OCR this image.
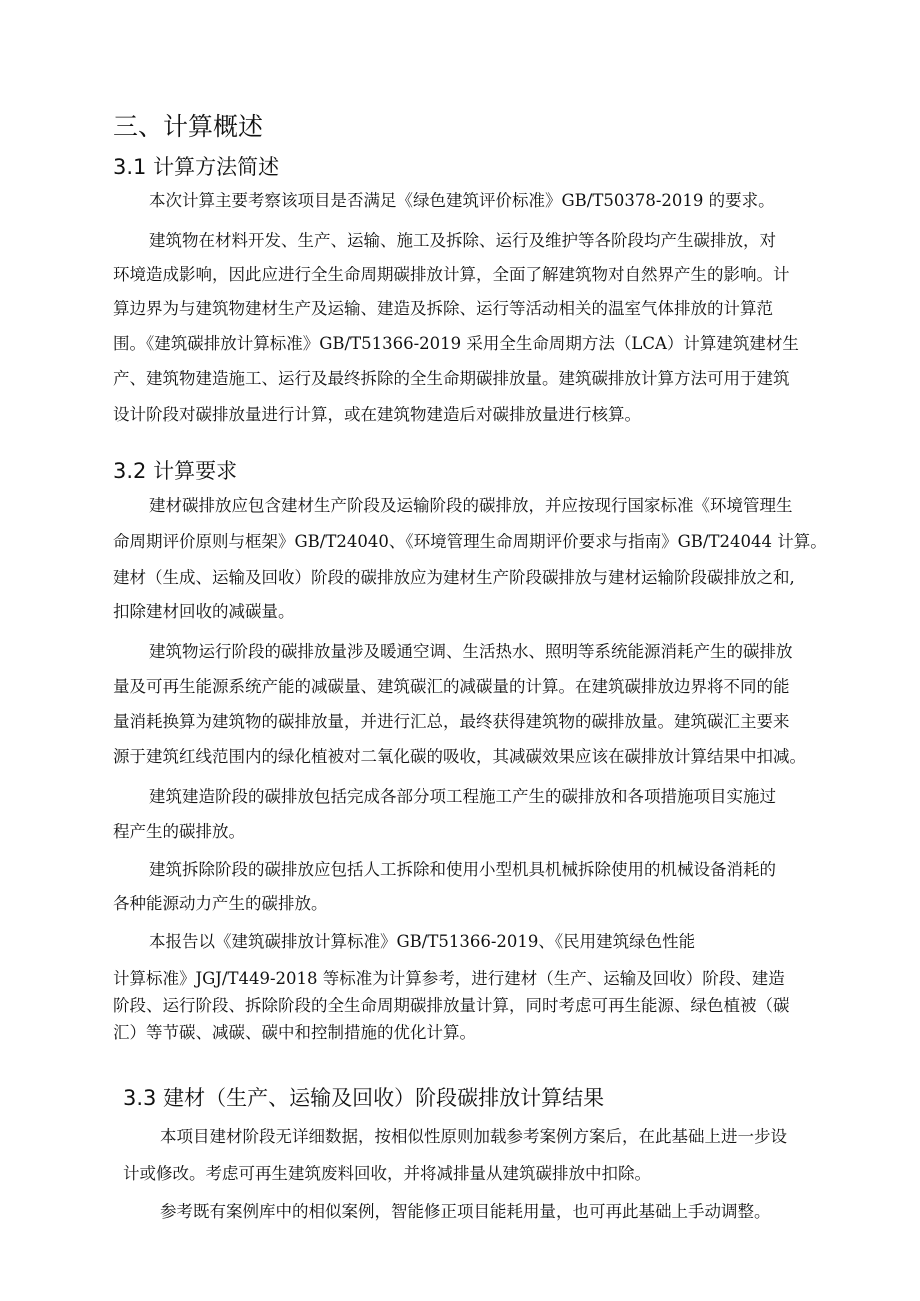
三、计算概述
3.1 计算方法简述
本次计算主要考察该项目是否满足《绿色建筑评价标准》GB/T50378-2019 的要求。
建筑物在材料开发、生产、运输、施工及拆除、运行及维护等各阶段均产生碳排放，对
环境造成影响，因此应进行全生命周期碳排放计算，全面了解建筑物对自然界产生的影响。计
算边界为与建筑物建材生产及运输、建造及拆除、运行等活动相关的温室气体排放的计算范
围。《建筑碳排放计算标准》GB/T51366-2019 采用全生命周期方法（LCA）计算建筑建材生
产、建筑物建造施工、运行及最终拆除的全生命期碳排放量。建筑碳排放计算方法可用于建筑
设计阶段对碳排放量进行计算，或在建筑物建造后对碳排放量进行核算。
3.2 计算要求
建材碳排放应包含建材生产阶段及运输阶段的碳排放，并应按现行国家标准《环境管理生
命周期评价原则与框架》GB/T24040、《环境管理生命周期评价要求与指南》GB/T24044 计算。
建材（生成、运输及回收）阶段的碳排放应为建材生产阶段碳排放与建材运输阶段碳排放之和,
扣除建材回收的减碳量。
建筑物运行阶段的碳排放量涉及暖通空调、生活热水、照明等系统能源消耗产生的碳排放
量及可再生能源系统产能的减碳量、建筑碳汇的减碳量的计算。在建筑碳排放边界将不同的能
量消耗换算为建筑物的碳排放量，并进行汇总，最终获得建筑物的碳排放量。建筑碳汇主要来
源于建筑红线范围内的绿化植被对二氧化碳的吸收，其减碳效果应该在碳排放计算结果中扣减。
建筑建造阶段的碳排放包括完成各部分项工程施工产生的碳排放和各项措施项目实施过
程产生的碳排放。
建筑拆除阶段的碳排放应包括人工拆除和使用小型机具机械拆除使用的机械设备消耗的
各种能源动力产生的碳排放。
本报告以《建筑碳排放计算标准》GB/T51366-2019、《民用建筑绿色性能
计算标准》JGJ/T449-2018 等标准为计算参考，进行建材（生产、运输及回收）阶段、建造
阶段、运行阶段、拆除阶段的全生命周期碳排放量计算，同时考虑可再生能源、绿色植被（碳
汇）等节碳、减碳、碳中和控制措施的优化计算。
3.3 建材（生产、运输及回收）阶段碳排放计算结果
本项目建材阶段无详细数据，按相似性原则加载参考案例方案后，在此基础上进一步设
计或修改。考虑可再生建筑废料回收，并将减排量从建筑碳排放中扣除。
参考既有案例库中的相似案例，智能修正项目能耗用量，也可再此基础上手动调整。
